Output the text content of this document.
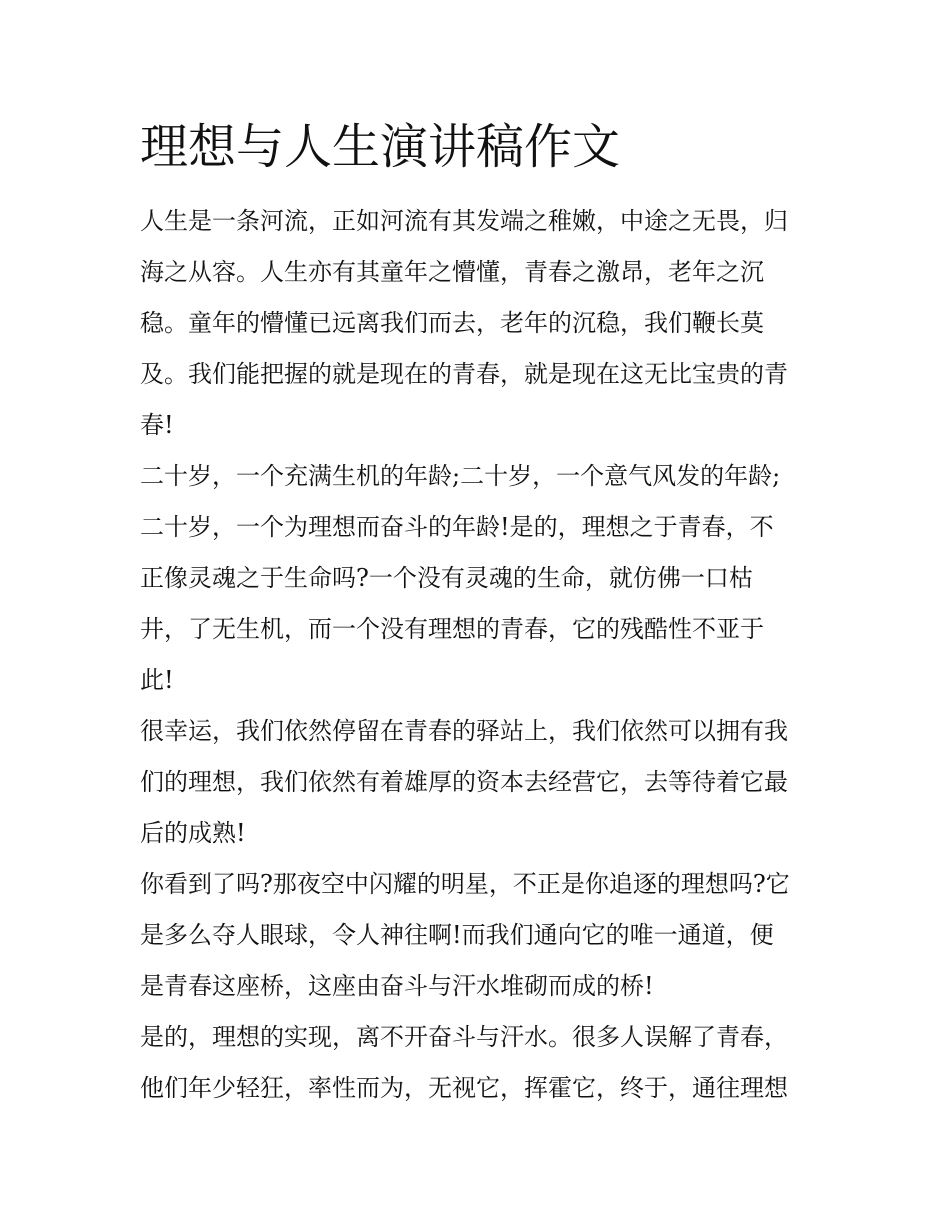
理想与人生演讲稿作文
人生是一条河流，正如河流有其发端之稚嫩，中途之无畏，归
海之从容。人生亦有其童年之懵懂，青春之激昂，老年之沉
稳。童年的懵懂已远离我们而去，老年的沉稳，我们鞭长莫
及。我们能把握的就是现在的青春，就是现在这无比宝贵的青
春!
二十岁，一个充满生机的年龄;二十岁，一个意气风发的年龄;
二十岁，一个为理想而奋斗的年龄!是的，理想之于青春，不
正像灵魂之于生命吗?一个没有灵魂的生命，就仿佛一口枯
井，了无生机，而一个没有理想的青春，它的残酷性不亚于
此!
很幸运，我们依然停留在青春的驿站上，我们依然可以拥有我
们的理想，我们依然有着雄厚的资本去经营它，去等待着它最
后的成熟!
你看到了吗?那夜空中闪耀的明星，不正是你追逐的理想吗?它
是多么夺人眼球，令人神往啊!而我们通向它的唯一通道，便
是青春这座桥，这座由奋斗与汗水堆砌而成的桥!
是的，理想的实现，离不开奋斗与汗水。很多人误解了青春，
他们年少轻狂，率性而为，无视它，挥霍它，终于，通往理想
